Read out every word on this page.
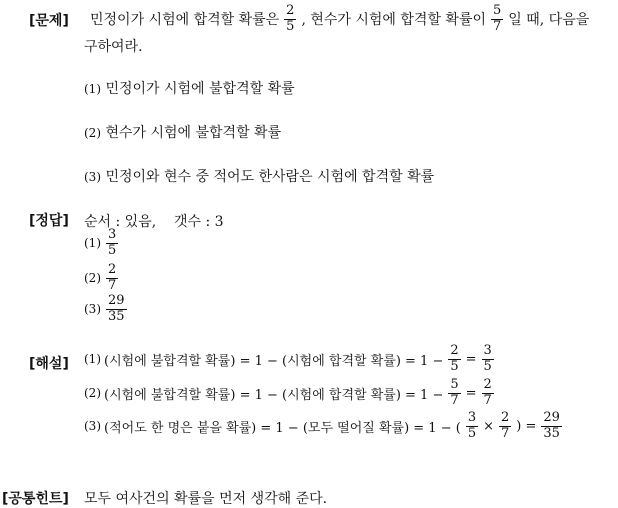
[문제] 민정이가 시험에 합격할 확률은 $\frac{2}{5}$ , 현수가 시험에 합격할 확률이 $\frac{5}{7}$ 일 때, 다음을
구하여라.
(1) 민정이가 시험에 불합격할 확률
(2) 현수가 시험에 불합격할 확률
(3) 민정이와 현수 중 적어도 한사람은 시험에 합격할 확률
[정답] 순서 : 있음,    갯수 : 3
$(1) \frac{3}{5}$
$(2) \frac{2}{7}$
$(3) \frac{29}{35}$
[해설] (1) (시험에 불합격할 확률) = 1 − (시험에 합격할 확률) = $1 - \frac{2}{5} = \frac{3}{5}$
(2) (시험에 불합격할 확률) = 1 − (시험에 합격할 확률) = $1 - \frac{5}{7} = \frac{2}{7}$
(3) (적어도 한 명은 붙을 확률) = 1 − (모두 떨어질 확률) = 1 − ( $\frac{3}{5} \times \frac{2}{7}$ ) = $\frac{29}{35}$
[공통힌트] 모두 여사건의 확률을 먼저 생각해 준다.
